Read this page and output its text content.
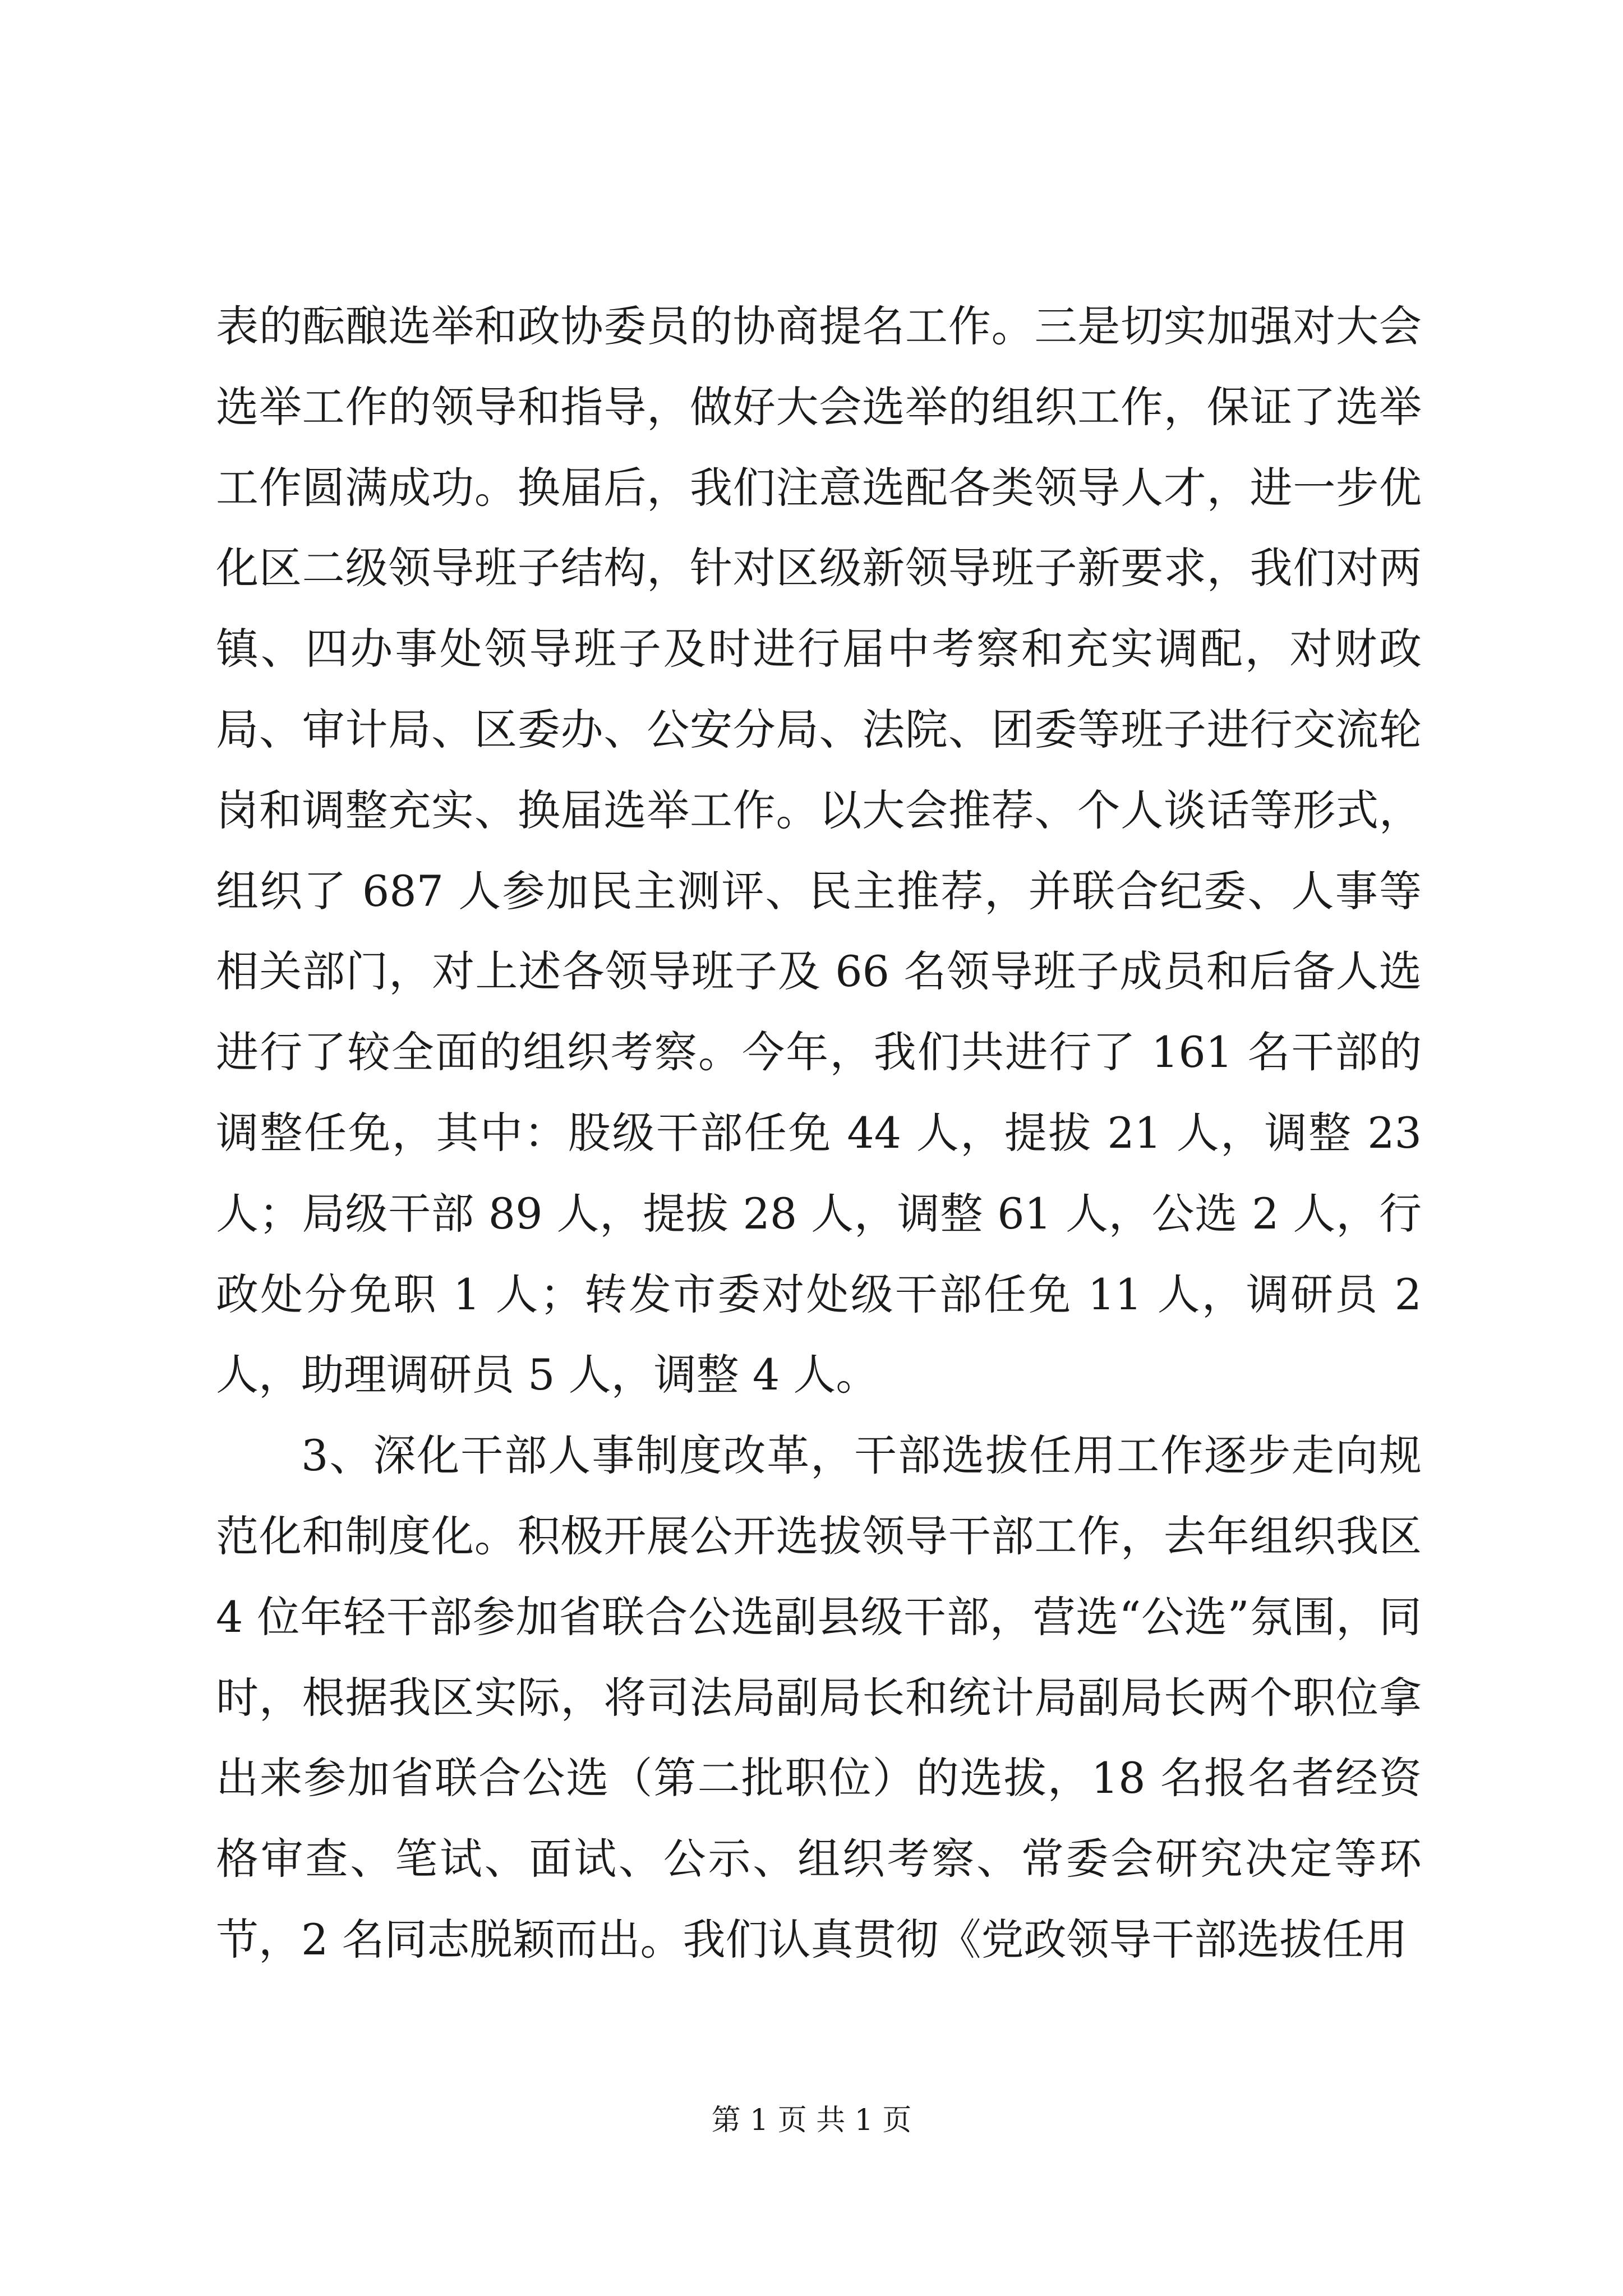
表的酝酿选举和政协委员的协商提名工作。三是切实加强对大会选举工作的领导和指导，做好大会选举的组织工作，保证了选举工作圆满成功。换届后，我们注意选配各类领导人才，进一步优化区二级领导班子结构，针对区级新领导班子新要求，我们对两镇、四办事处领导班子及时进行届中考察和充实调配，对财政局、审计局、区委办、公安分局、法院、团委等班子进行交流轮岗和调整充实、换届选举工作。以大会推荐、个人谈话等形式，组织了 687 人参加民主测评、民主推荐，并联合纪委、人事等相关部门，对上述各领导班子及 66 名领导班子成员和后备人选进行了较全面的组织考察。今年，我们共进行了 161 名干部的调整任免，其中：股级干部任免 44 人，提拔 21 人，调整 23 人；局级干部 89 人，提拔 28 人，调整 61 人，公选 2 人，行政处分免职 1 人；转发市委对处级干部任免 11 人，调研员 2 人，助理调研员 5 人，调整 4 人。

3、深化干部人事制度改革，干部选拔任用工作逐步走向规范化和制度化。积极开展公开选拔领导干部工作，去年组织我区 4 位年轻干部参加省联合公选副县级干部，营选“公选”氛围，同时，根据我区实际，将司法局副局长和统计局副局长两个职位拿出来参加省联合公选（第二批职位）的选拔，18 名报名者经资格审查、笔试、面试、公示、组织考察、常委会研究决定等环节，2 名同志脱颖而出。我们认真贯彻《党政领导干部选拔任用

第 1 页 共 1 页
